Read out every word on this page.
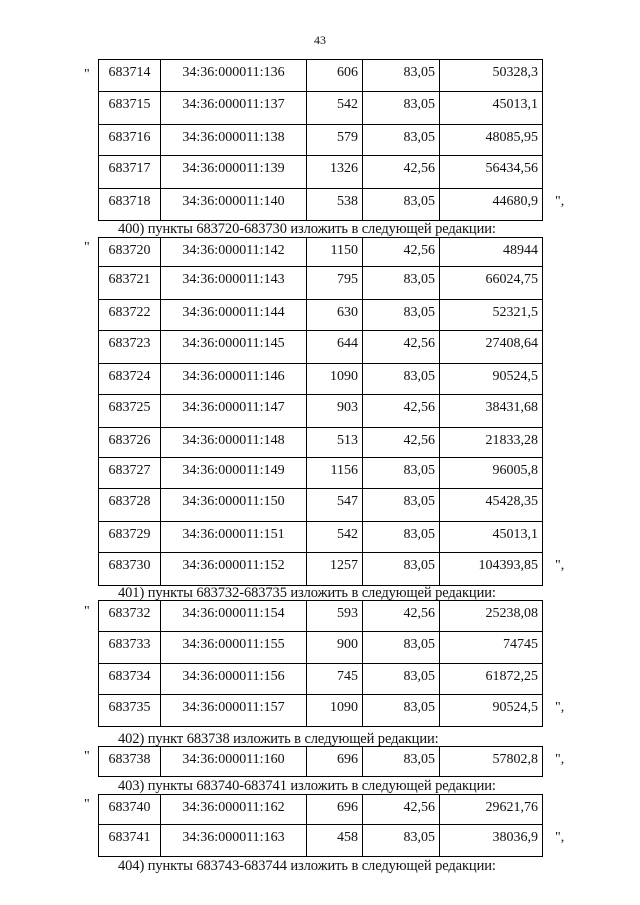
43
" 683714	34:36:000011:136	606	83,05	50328,3
683715	34:36:000011:137	542	83,05	45013,1
683716	34:36:000011:138	579	83,05	48085,95
683717	34:36:000011:139	1326	42,56	56434,56
683718	34:36:000011:140	538	83,05	44680,9 ",
400) пункты 683720-683730 изложить в следующей редакции:
" 683720	34:36:000011:142	1150	42,56	48944
683721	34:36:000011:143	795	83,05	66024,75
683722	34:36:000011:144	630	83,05	52321,5
683723	34:36:000011:145	644	42,56	27408,64
683724	34:36:000011:146	1090	83,05	90524,5
683725	34:36:000011:147	903	42,56	38431,68
683726	34:36:000011:148	513	42,56	21833,28
683727	34:36:000011:149	1156	83,05	96005,8
683728	34:36:000011:150	547	83,05	45428,35
683729	34:36:000011:151	542	83,05	45013,1
683730	34:36:000011:152	1257	83,05	104393,85 ",
401) пункты 683732-683735 изложить в следующей редакции:
" 683732	34:36:000011:154	593	42,56	25238,08
683733	34:36:000011:155	900	83,05	74745
683734	34:36:000011:156	745	83,05	61872,25
683735	34:36:000011:157	1090	83,05	90524,5 ",
402) пункт 683738 изложить в следующей редакции:
" 683738	34:36:000011:160	696	83,05	57802,8 ",
403) пункты 683740-683741 изложить в следующей редакции:
" 683740	34:36:000011:162	696	42,56	29621,76
683741	34:36:000011:163	458	83,05	38036,9 ",
404) пункты 683743-683744 изложить в следующей редакции:
